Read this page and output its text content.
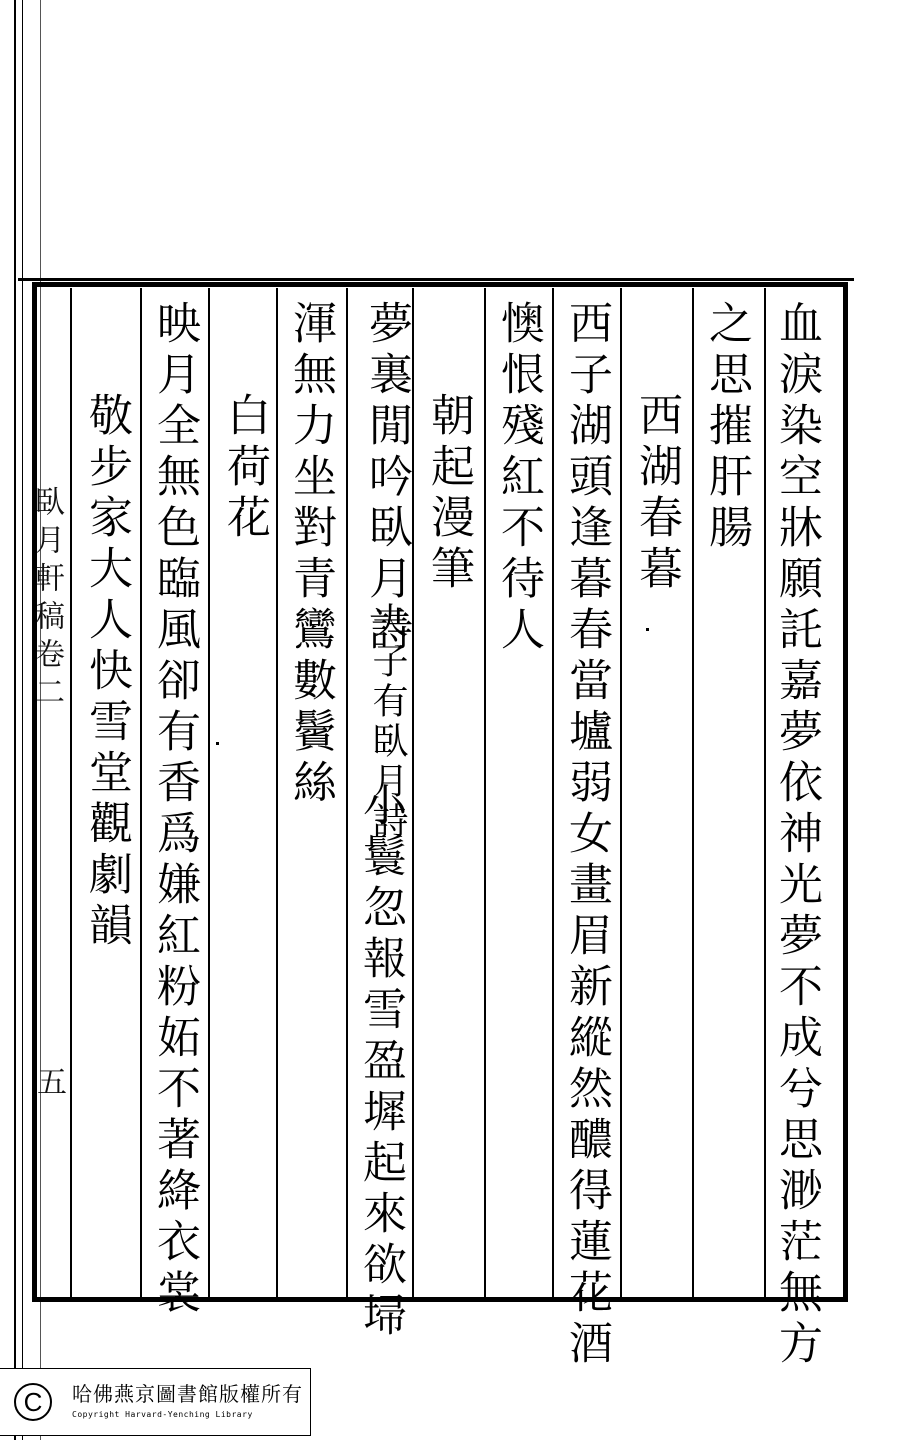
臥月軒稿卷二
五	血淚染空牀願託嘉夢依神光夢不成兮思渺茫無方
之思摧肝腸
西湖春暮
西子湖頭逢暮春當壚弱女畫眉新縱然醲得蓮花酒
懊恨殘紅不待人
朝起漫筆
夢裏閒吟臥月詩
夫子有臥月詩
小鬟忽報雪盈墀起來欲埽
渾無力坐對青鸞數鬢絲
白荷花
映月全無色臨風卻有香爲嫌紅粉妬不著絳衣裳
敬步家大人快雪堂觀劇韻
C	哈佛燕京圖書館版權所有
Copyright Harvard-Yenching Library
